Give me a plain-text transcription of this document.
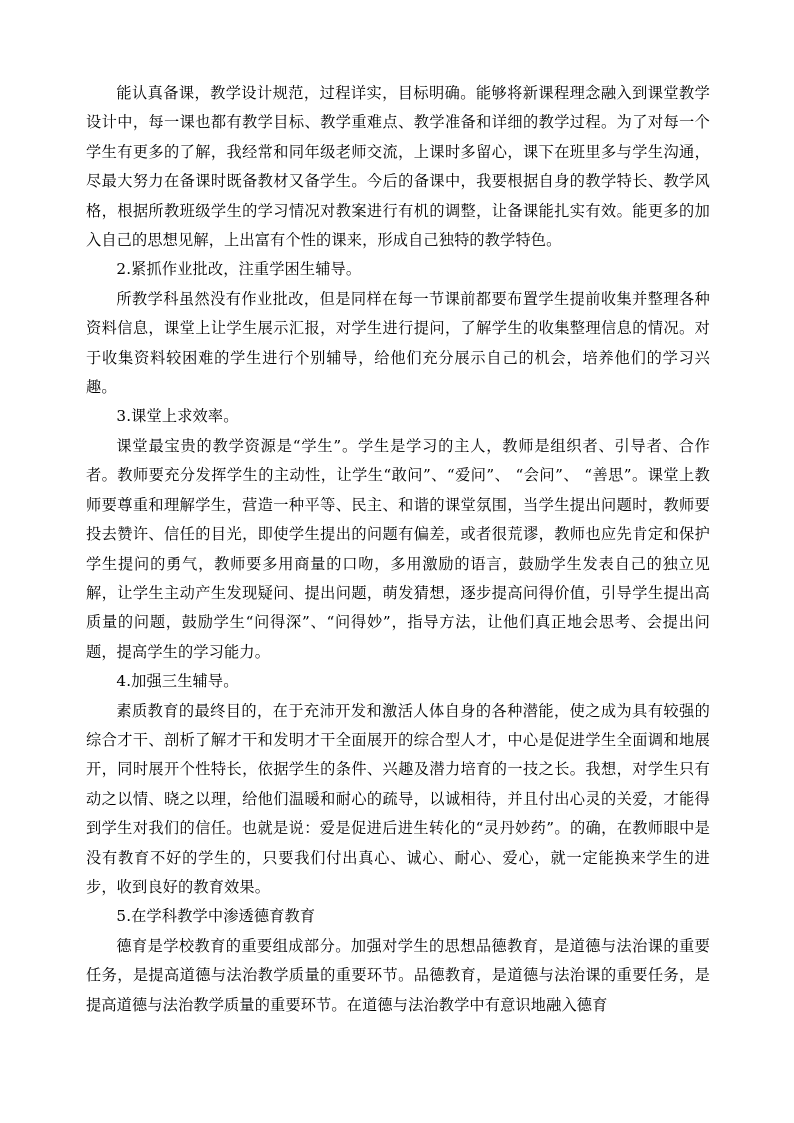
能认真备课，教学设计规范，过程详实，目标明确。能够将新课程理念融入到课堂教学设计中，每一课也都有教学目标、教学重难点、教学准备和详细的教学过程。为了对每一个学生有更多的了解，我经常和同年级老师交流，上课时多留心，课下在班里多与学生沟通，尽最大努力在备课时既备教材又备学生。今后的备课中，我要根据自身的教学特长、教学风格，根据所教班级学生的学习情况对教案进行有机的调整，让备课能扎实有效。能更多的加入自己的思想见解，上出富有个性的课来，形成自己独特的教学特色。

2.紧抓作业批改，注重学困生辅导。

所教学科虽然没有作业批改，但是同样在每一节课前都要布置学生提前收集并整理各种资料信息，课堂上让学生展示汇报，对学生进行提问，了解学生的收集整理信息的情况。对于收集资料较困难的学生进行个别辅导，给他们充分展示自己的机会，培养他们的学习兴趣。

3.课堂上求效率。

课堂最宝贵的教学资源是“学生”。学生是学习的主人，教师是组织者、引导者、合作者。教师要充分发挥学生的主动性，让学生“敢问”、“爱问”、 “会问”、 “善思”。课堂上教师要尊重和理解学生，营造一种平等、民主、和谐的课堂氛围，当学生提出问题时，教师要投去赞许、信任的目光，即使学生提出的问题有偏差，或者很荒谬，教师也应先肯定和保护学生提问的勇气，教师要多用商量的口吻，多用激励的语言，鼓励学生发表自己的独立见解，让学生主动产生发现疑问、提出问题，萌发猜想，逐步提高问得价值，引导学生提出高质量的问题，鼓励学生“问得深”、“问得妙”，指导方法，让他们真正地会思考、会提出问题，提高学生的学习能力。

4.加强三生辅导。

素质教育的最终目的，在于充沛开发和激活人体自身的各种潜能，使之成为具有较强的综合才干、剖析了解才干和发明才干全面展开的综合型人才，中心是促进学生全面调和地展开，同时展开个性特长，依据学生的条件、兴趣及潜力培育的一技之长。我想，对学生只有动之以情、晓之以理，给他们温暖和耐心的疏导，以诚相待，并且付出心灵的关爱，才能得到学生对我们的信任。也就是说：爱是促进后进生转化的“灵丹妙药”。的确，在教师眼中是没有教育不好的学生的，只要我们付出真心、诚心、耐心、爱心，就一定能换来学生的进步，收到良好的教育效果。

5.在学科教学中渗透德育教育

德育是学校教育的重要组成部分。加强对学生的思想品德教育，是道德与法治课的重要任务，是提高道德与法治教学质量的重要环节。品德教育，是道德与法治课的重要任务，是提高道德与法治教学质量的重要环节。在道德与法治教学中有意识地融入德育
